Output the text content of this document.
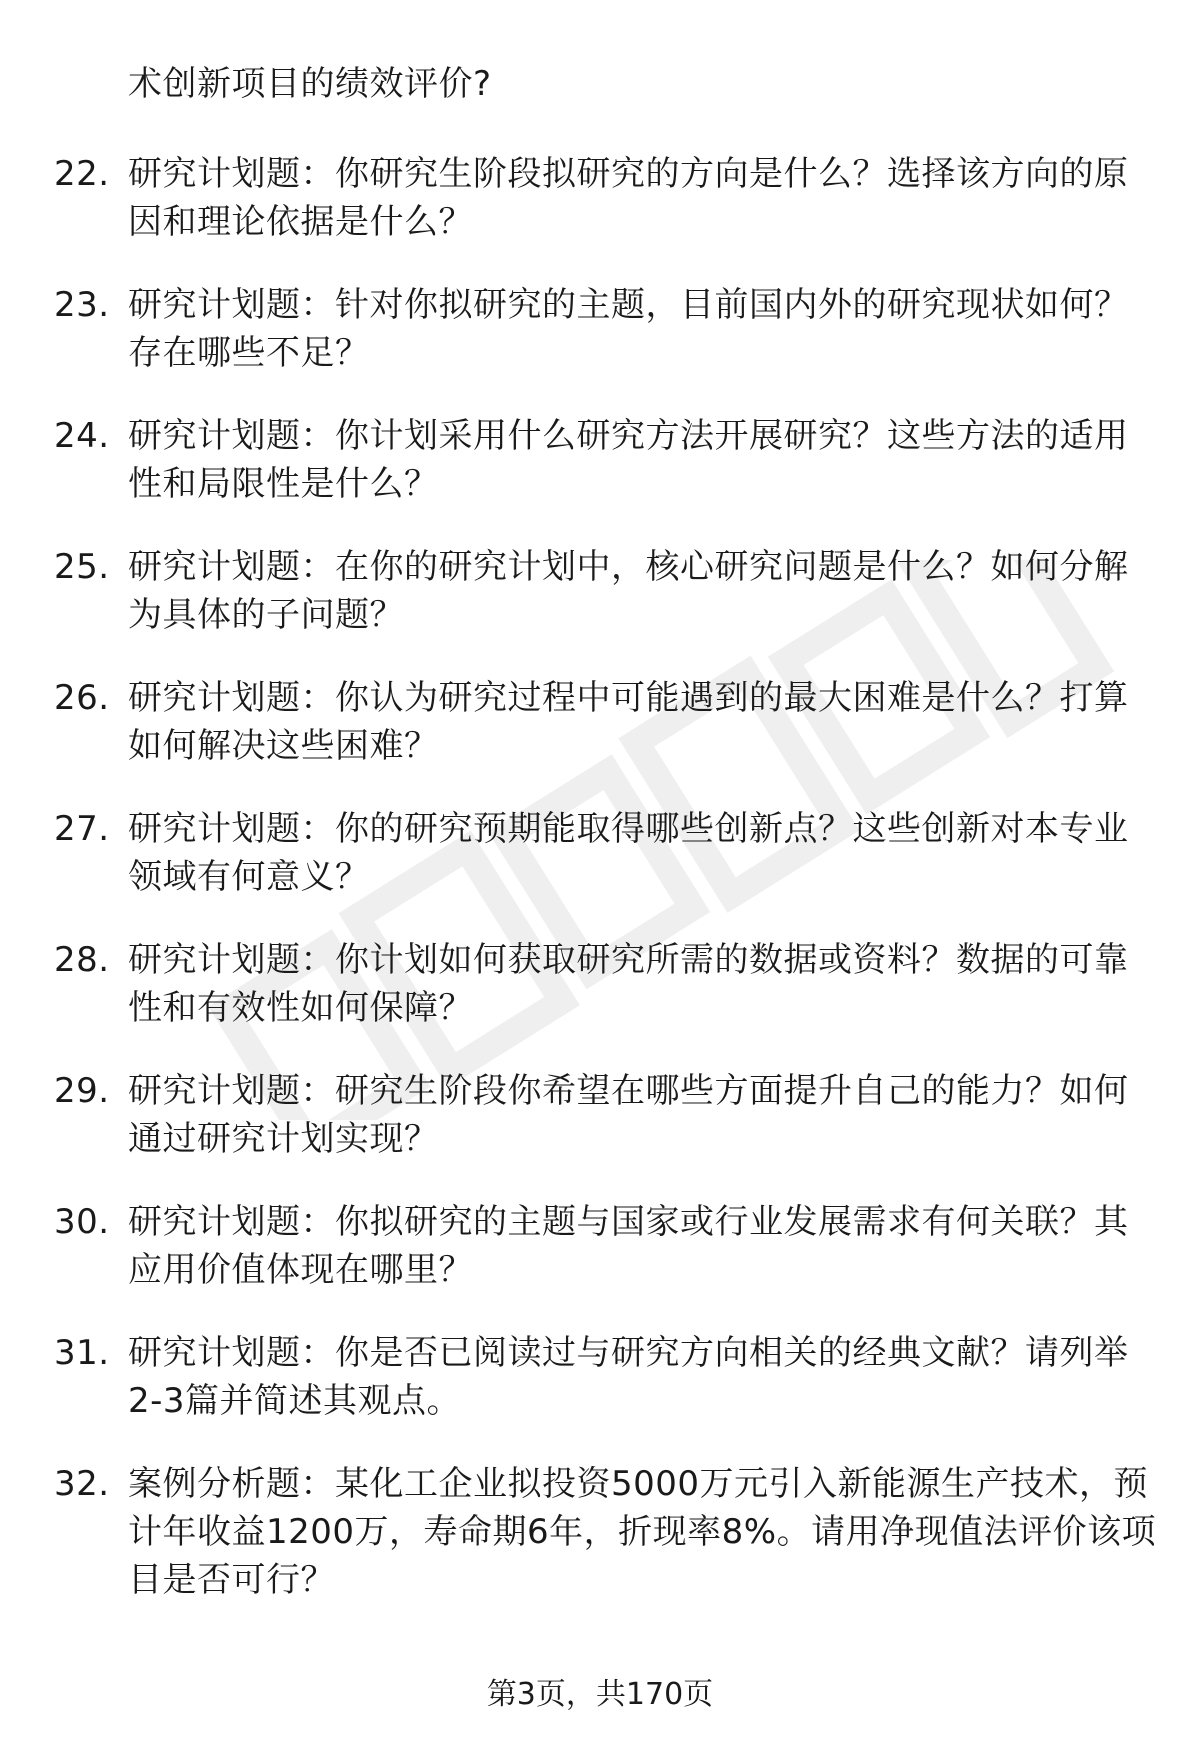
术创新项目的绩效评价?
22. 研究计划题：你研究生阶段拟研究的方向是什么？选择该方向的原因和理论依据是什么？
23. 研究计划题：针对你拟研究的主题，目前国内外的研究现状如何？存在哪些不足？
24. 研究计划题：你计划采用什么研究方法开展研究？这些方法的适用性和局限性是什么？
25. 研究计划题：在你的研究计划中，核心研究问题是什么？如何分解为具体的子问题？
26. 研究计划题：你认为研究过程中可能遇到的最大困难是什么？打算如何解决这些困难？
27. 研究计划题：你的研究预期能取得哪些创新点？这些创新对本专业领域有何意义？
28. 研究计划题：你计划如何获取研究所需的数据或资料？数据的可靠性和有效性如何保障？
29. 研究计划题：研究生阶段你希望在哪些方面提升自己的能力？如何通过研究计划实现？
30. 研究计划题：你拟研究的主题与国家或行业发展需求有何关联？其应用价值体现在哪里？
31. 研究计划题：你是否已阅读过与研究方向相关的经典文献？请列举2-3篇并简述其观点。
32. 案例分析题：某化工企业拟投资5000万元引入新能源生产技术，预计年收益1200万，寿命期6年，折现率8%。请用净现值法评价该项目是否可行？
第3页，共170页
